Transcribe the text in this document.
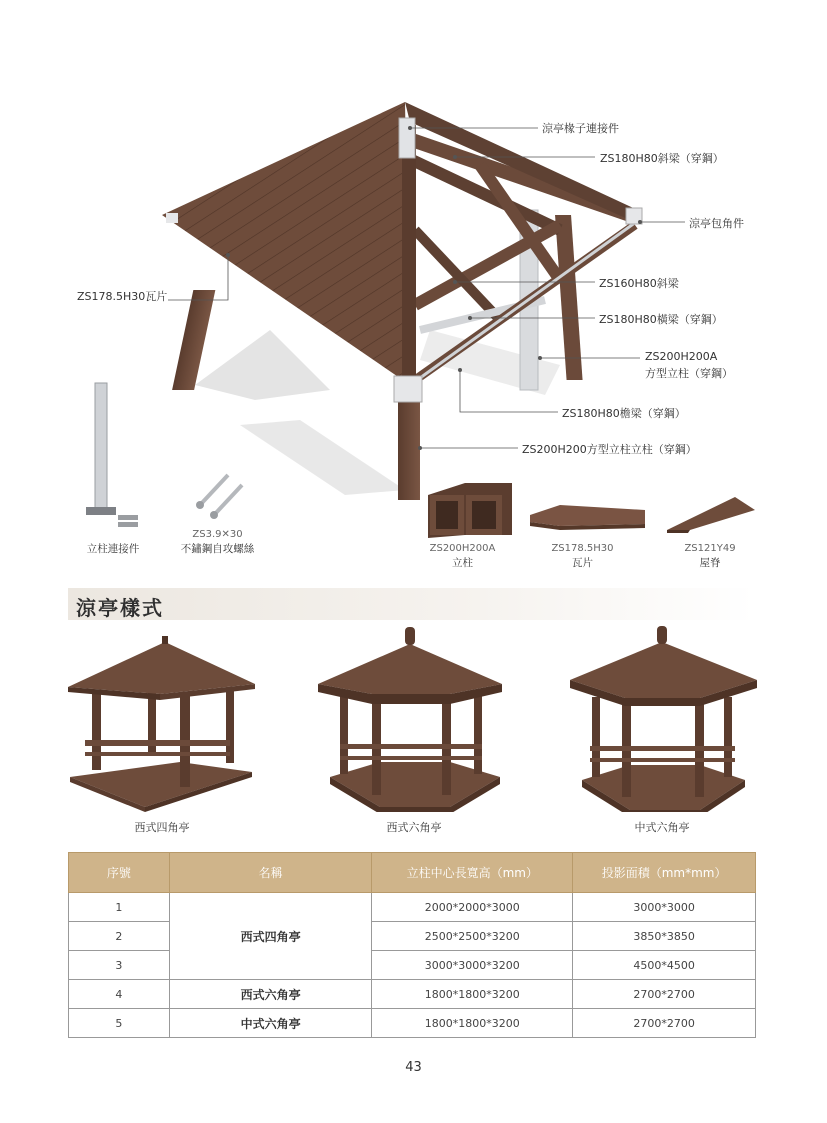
涼亭椽子連接件
ZS180H80斜梁（穿鋼）
涼亭包角件
ZS178.5H30瓦片
ZS160H80斜梁
ZS180H80橫梁（穿鋼）
ZS200H200A
方型立柱（穿鋼）
ZS180H80檐梁（穿鋼）
ZS200H200方型立柱立柱（穿鋼）
立柱連接件
ZS3.9✕30
不鏽鋼自攻螺絲	ZS200H200A
立柱
ZS178.5H30
瓦片
ZS121Y49
屋脊
涼亭樣式
西式四角亭	西式六角亭	中式六角亭
序號	名稱	立柱中心長寬高（mm）	投影面積（mm*mm）
1	西式四角亭	2000*2000*3000	3000*3000
2		2500*2500*3200	3850*3850
3		3000*3000*3200	4500*4500
4	西式六角亭	1800*1800*3200	2700*2700
5	中式六角亭	1800*1800*3200	2700*2700
43
